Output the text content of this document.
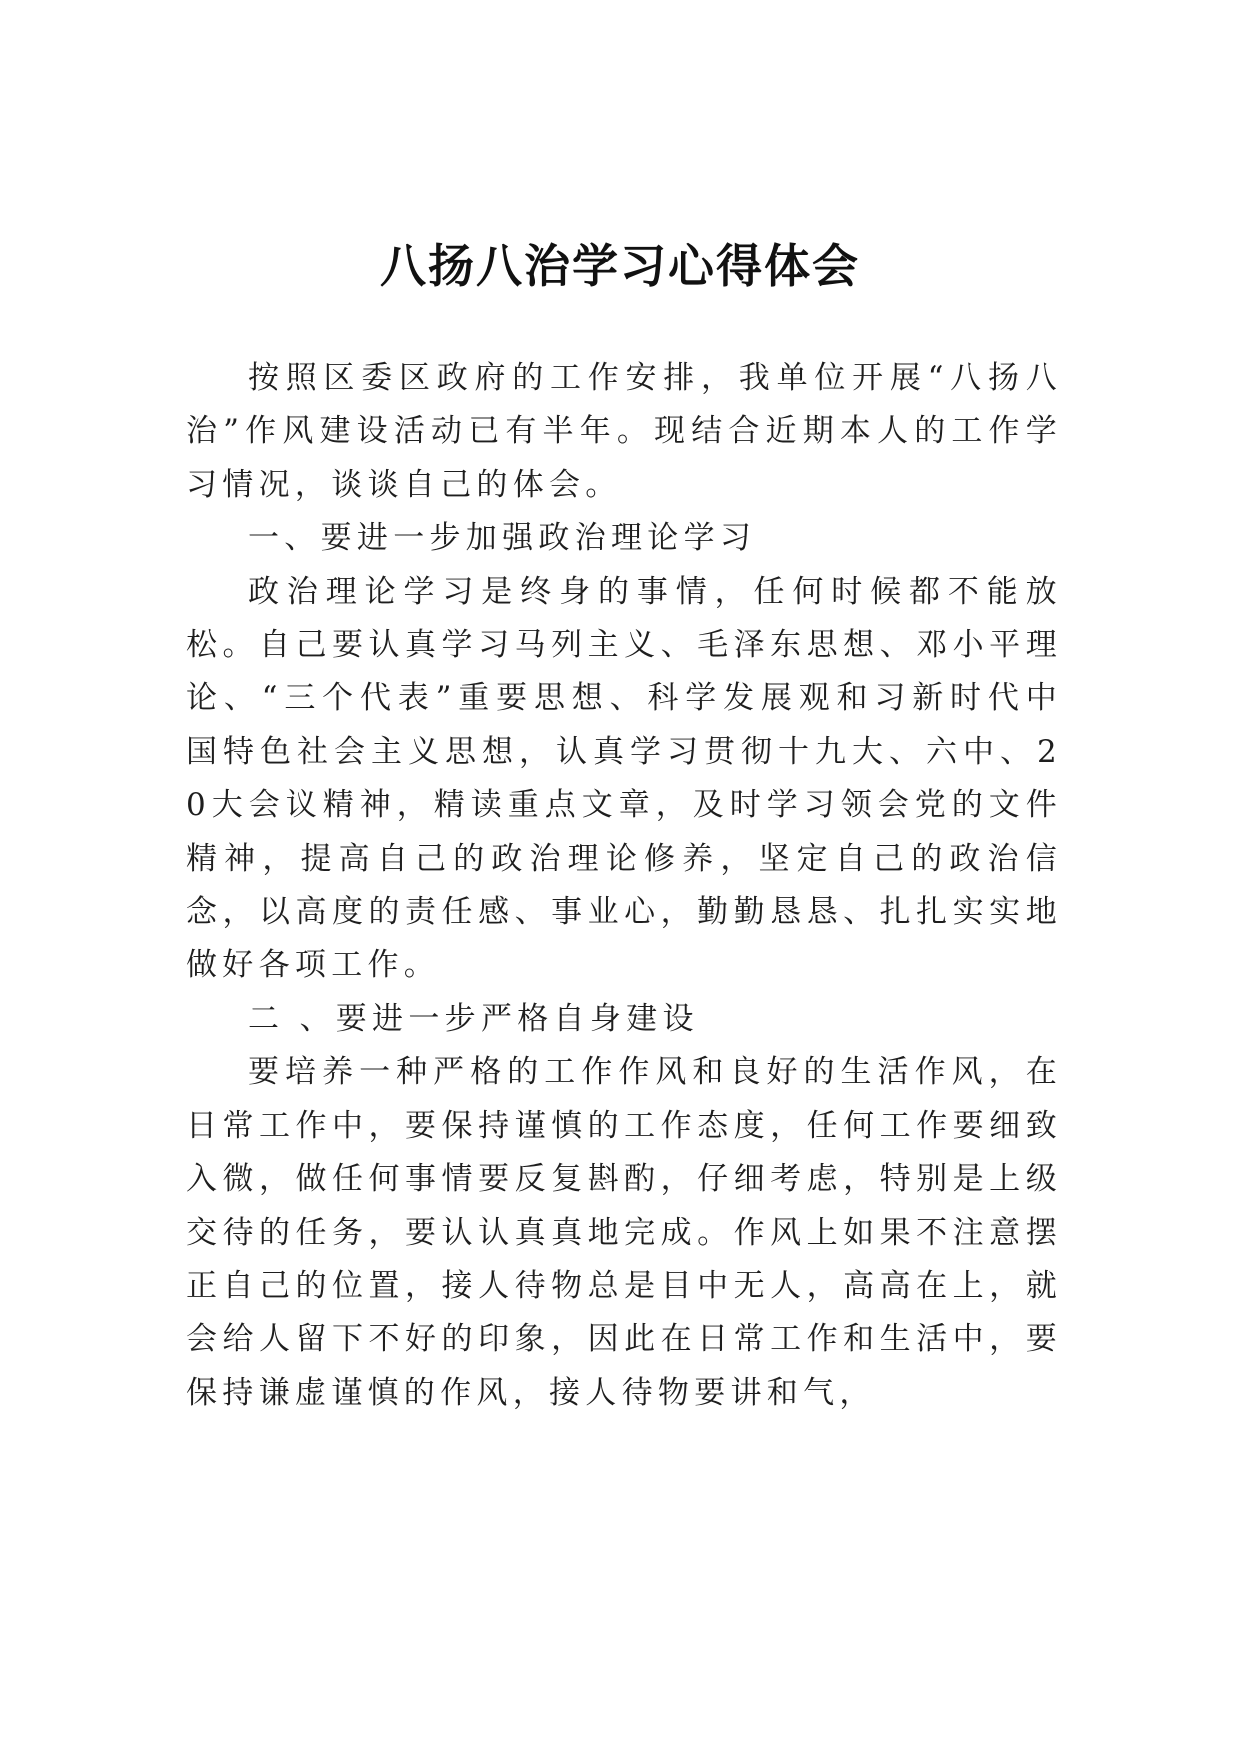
八扬八治学习心得体会

按照区委区政府的工作安排，我单位开展“八扬八治”作风建设活动已有半年。现结合近期本人的工作学习情况，谈谈自己的体会。

一、要进一步加强政治理论学习

政治理论学习是终身的事情，任何时候都不能放松。自己要认真学习马列主义、毛泽东思想、邓小平理论、“三个代表”重要思想、科学发展观和习新时代中国特色社会主义思想，认真学习贯彻十九大、六中、20大会议精神，精读重点文章，及时学习领会党的文件精神，提高自己的政治理论修养，坚定自己的政治信念，以高度的责任感、事业心，勤勤恳恳、扎扎实实地做好各项工作。

二 、要进一步严格自身建设

要培养一种严格的工作作风和良好的生活作风，在日常工作中，要保持谨慎的工作态度，任何工作要细致入微，做任何事情要反复斟酌，仔细考虑，特别是上级交待的任务，要认认真真地完成。作风上如果不注意摆正自己的位置，接人待物总是目中无人，高高在上，就会给人留下不好的印象，因此在日常工作和生活中，要保持谦虚谨慎的作风，接人待物要讲和气，
